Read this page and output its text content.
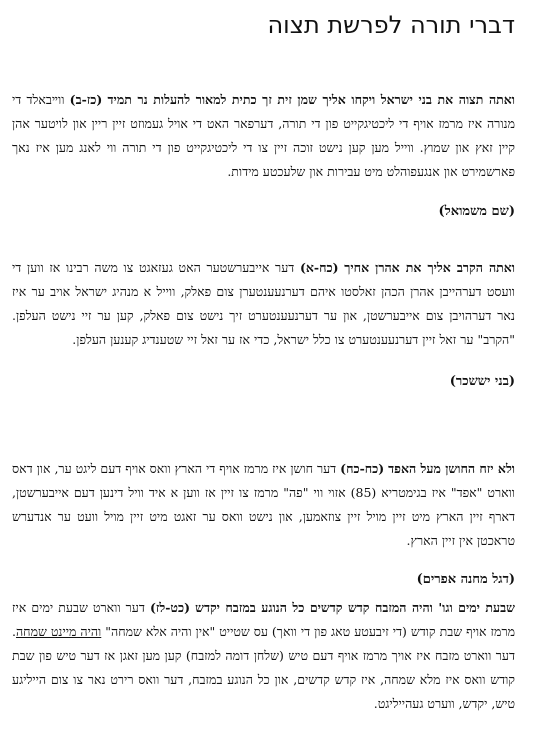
דברי תורה לפרשת תצוה
ואתה תצוה את בני ישראל ויקחו אליך שמן זית זך כתית למאור להעלות נר תמיד (כז-ב) ווײבאלד די מנורה איז מרמז אויף די ליכטיגקייט פון די תורה, דערפאר האט די אויל געמוזט זיין ריין און לויטער אהן קיין זאץ און שמוץ. ווייל מען קען נישט זוכה זיין צו די ליכטיגקייט פון די תורה ווי לאנג מען איז נאך פארשמירט און אנגעפוהלט מיט עבירות און שלעכטע מידות.
(שם משמואל)
ואתה הקרב אליך את אהרן אחיך (כח-א) דער אייבערשטער האט געזאגט צו משה רבינו אז ווען די וועסט דערהייבן אהרן הכהן זאלסטו איהם דערנעענטערן צום פאלק, ווייל א מנהיג ישראל אויב ער איז נאר דערהויבן צום אייבערשטן, און ער דערנעענטערט זיך נישט צום פאלק, קען ער זיי נישט העלפן. "הקרב" ער זאל זיין דערנעענטערט צו כלל ישראל, כדי אז ער זאל זיי שטענדיג קענען העלפן.
(בני יששכר)
ולא יזח החושן מעל האפד (כח-כח) דער חושן איז מרמז אויף די הארץ וואס אויף דעם ליגט ער, און דאס ווארט "אפד" איז בגימטריא (85) אזוי ווי "פה" מרמז צו זיין אז ווען א איד וויל דינען דעם אייבערשטן, דארף זיין הארץ מיט זיין מויל זיין צוזאמען, און נישט וואס ער זאגט מיט זיין מויל וועט ער אנדערש טראכטן אין זיין הארץ.
(דגל מחנה אפרים)
שבעת ימים וגו' והיה המזבח קדש קדשים כל הנוגע במזבח יקדש (כט-לז) דער ווארט שבעת ימים איז מרמז אויף שבת קודש (די זיבעטע טאג פון די וואך) עס שטייט "אין והיה אלא שמחה" והיה מיינט שמחה. דער ווארט מזבח איז אויך מרמז אויף דעם טיש (שלחן דומה למזבח) קען מען זאגן אז דער טיש פון שבת קודש וואס איז מלא שמחה, איז קדש קדשים, און כל הנוגע במזבח, דער וואס רירט נאר צו צום הייליגע טיש, יקדש, ווערט געהייליגט.
